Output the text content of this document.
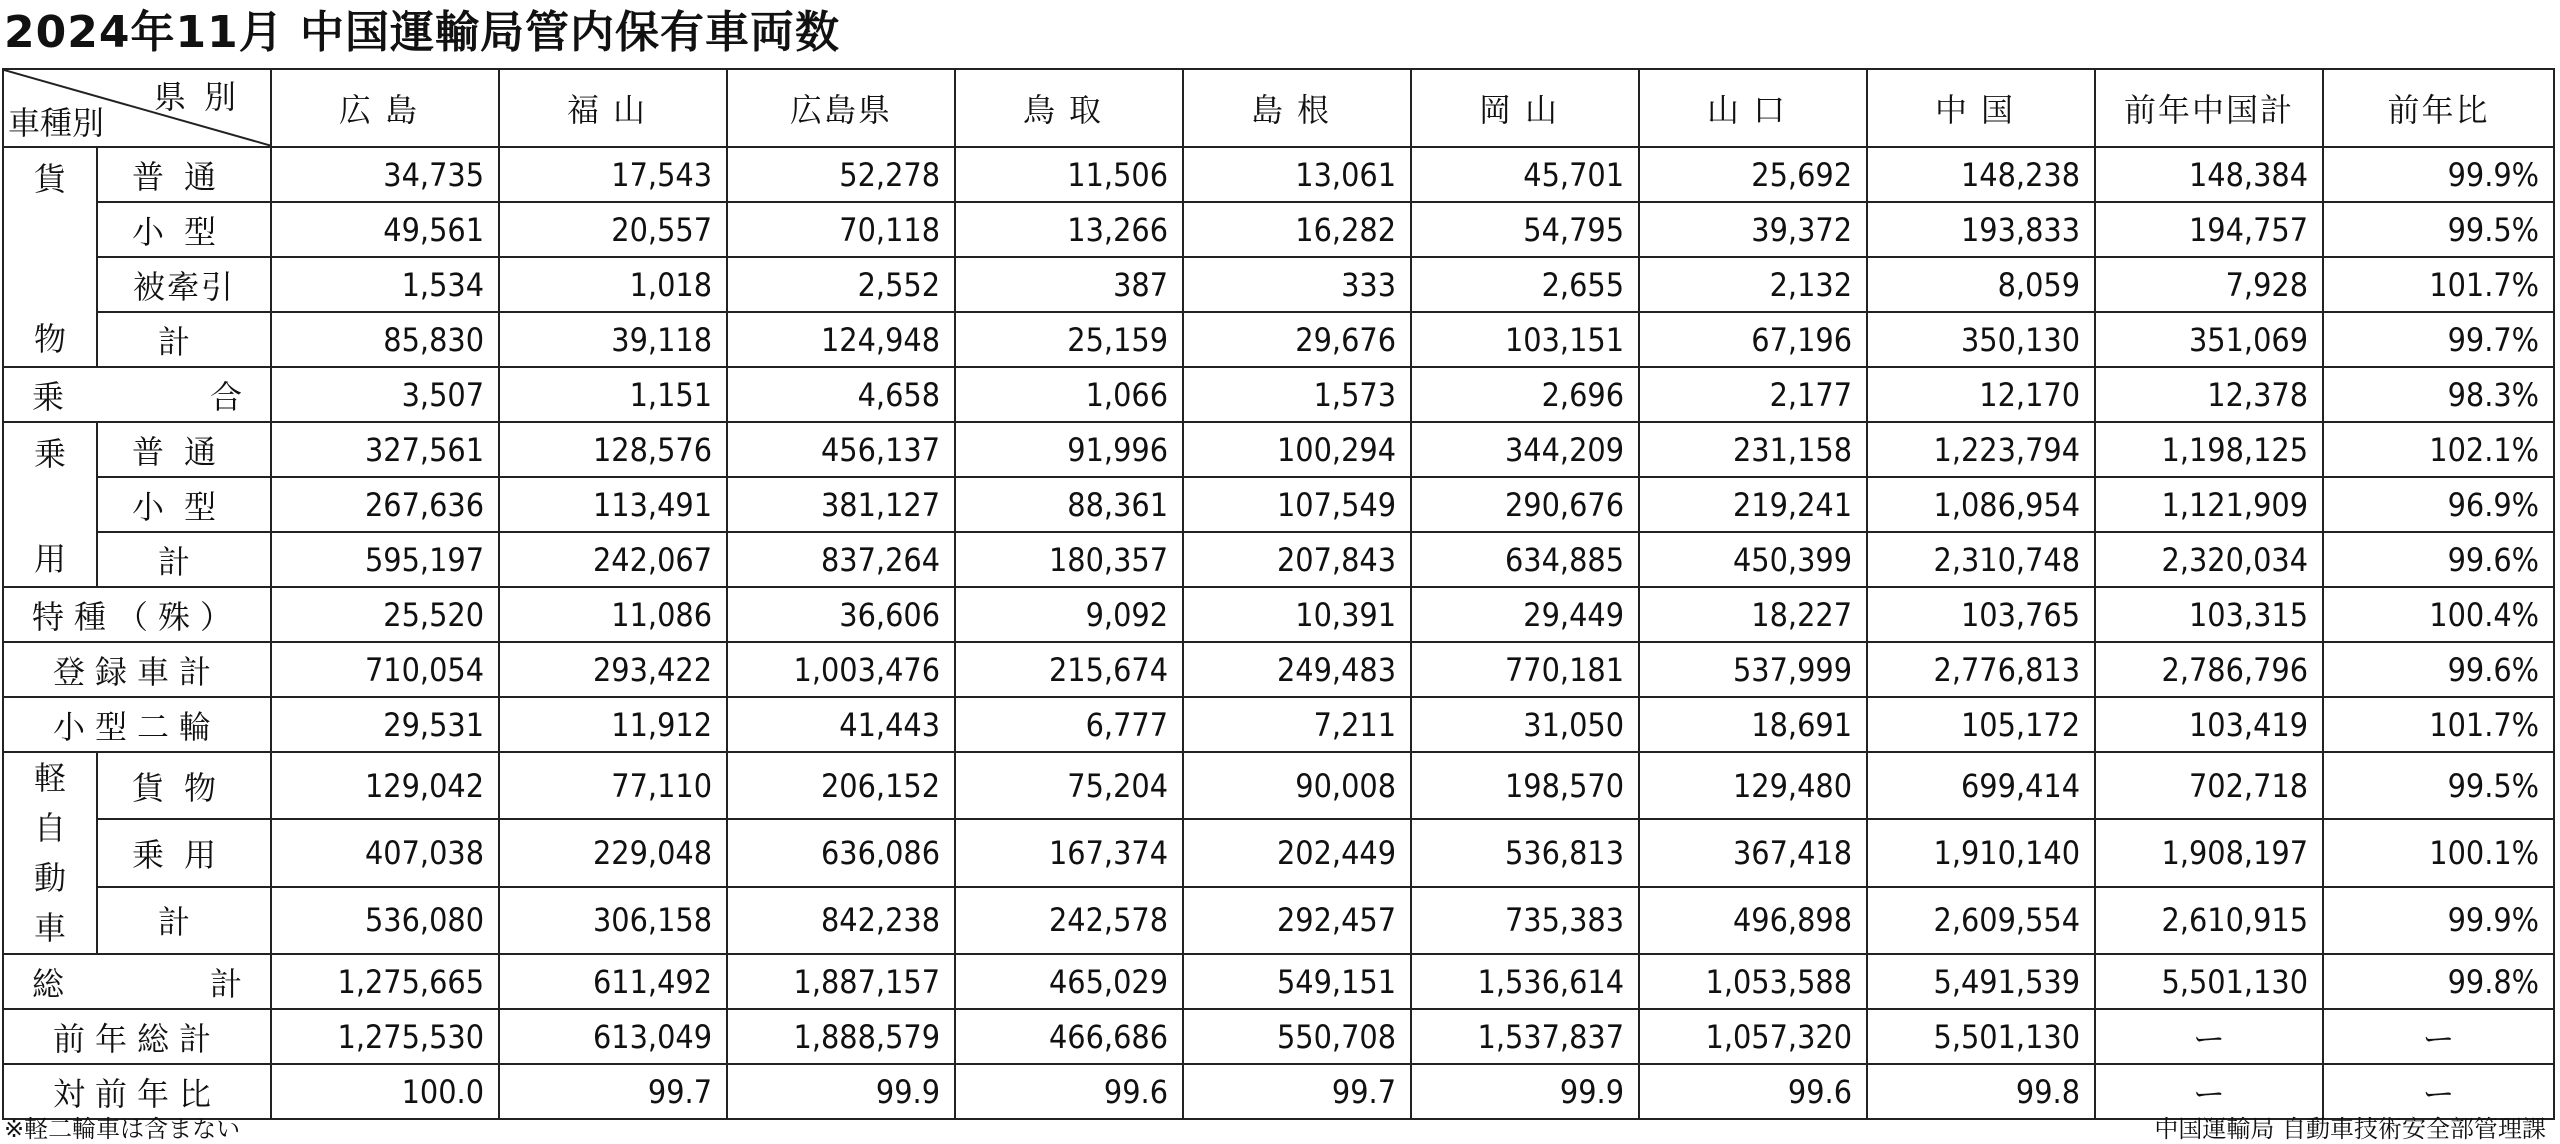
2024年11月 中国運輸局管内保有車両数
県別
車種別		広島	福山	広島県	鳥取	島根	岡山	山口	中国	前年中国計	前年比

貨
物	普通	34,735	17,543	52,278	11,506	13,061	45,701	25,692	148,238	148,384	99.9%
	小型	49,561	20,557	70,118	13,266	16,282	54,795	39,372	193,833	194,757	99.5%
	被牽引	1,534	1,018	2,552	387	333	2,655	2,132	8,059	7,928	101.7%
	計	85,830	39,118	124,948	25,159	29,676	103,151	67,196	350,130	351,069	99.7%
乗合		3,507	1,151	4,658	1,066	1,573	2,696	2,177	12,170	12,378	98.3%

乗
用	普通	327,561	128,576	456,137	91,996	100,294	344,209	231,158	1,223,794	1,198,125	102.1%
	小型	267,636	113,491	381,127	88,361	107,549	290,676	219,241	1,086,954	1,121,909	96.9%
	計	595,197	242,067	837,264	180,357	207,843	634,885	450,399	2,310,748	2,320,034	99.6%
特種（殊）		25,520	11,086	36,606	9,092	10,391	29,449	18,227	103,765	103,315	100.4%
登録車計		710,054	293,422	1,003,476	215,674	249,483	770,181	537,999	2,776,813	2,786,796	99.6%
小型二輪		29,531	11,912	41,443	6,777	7,211	31,050	18,691	105,172	103,419	101.7%

軽
自
動
車	貨物	129,042	77,110	206,152	75,204	90,008	198,570	129,480	699,414	702,718	99.5%
	乗用	407,038	229,048	636,086	167,374	202,449	536,813	367,418	1,910,140	1,908,197	100.1%
	計	536,080	306,158	842,238	242,578	292,457	735,383	496,898	2,609,554	2,610,915	99.9%
総計		1,275,665	611,492	1,887,157	465,029	549,151	1,536,614	1,053,588	5,491,539	5,501,130	99.8%
前年総計		1,275,530	613,049	1,888,579	466,686	550,708	1,537,837	1,057,320	5,501,130	ー	ー
対前年比		100.0	99.7	99.9	99.6	99.7	99.9	99.6	99.8	ー	ー
※軽二輪車は含まない	中国運輸局 自動車技術安全部管理課
